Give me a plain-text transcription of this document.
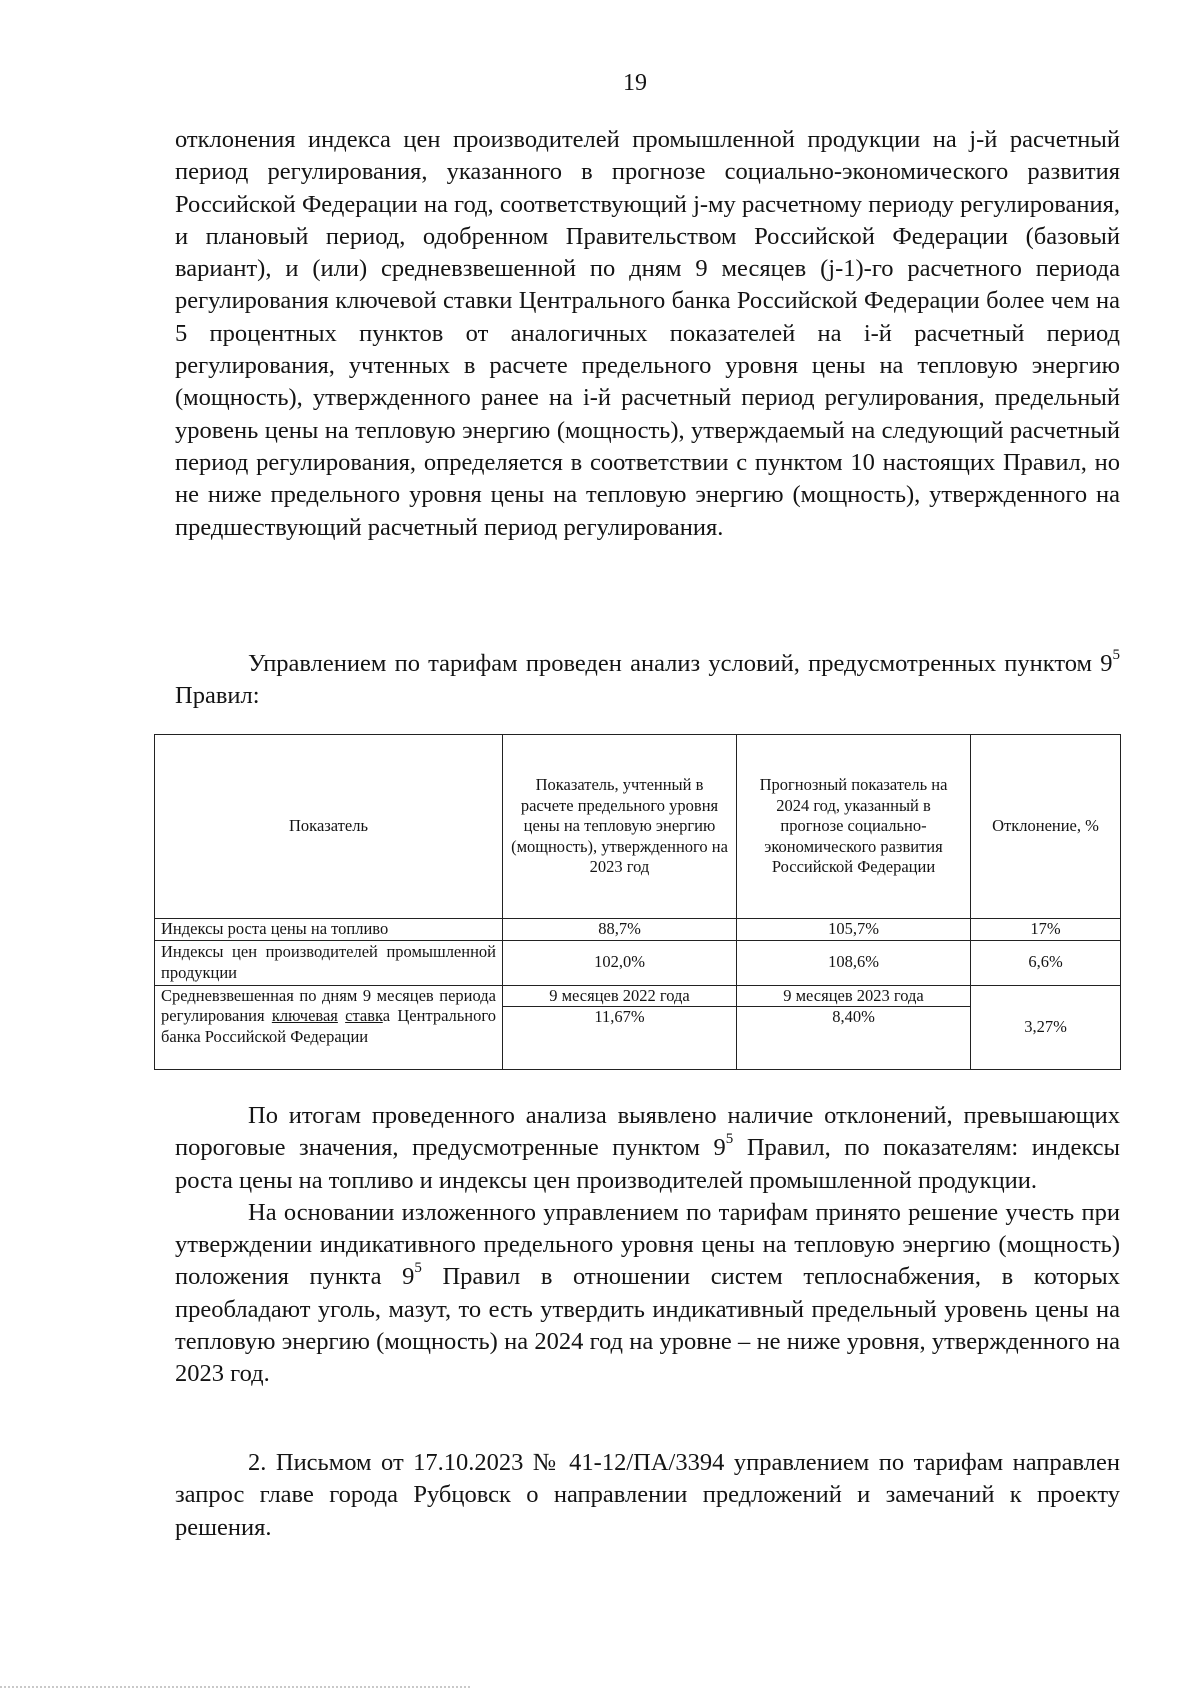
19

отклонения индекса цен производителей промышленной продукции на j-й расчетный период регулирования, указанного в прогнозе социально-экономического развития Российской Федерации на год, соответствующий j-му расчетному периоду регулирования, и плановый период, одобренном Правительством Российской Федерации (базовый вариант), и (или) средневзвешенной по дням 9 месяцев (j-1)-го расчетного периода регулирования ключевой ставки Центрального банка Российской Федерации более чем на 5 процентных пунктов от аналогичных показателей на i-й расчетный период регулирования, учтенных в расчете предельного уровня цены на тепловую энергию (мощность), утвержденного ранее на i-й расчетный период регулирования, предельный уровень цены на тепловую энергию (мощность), утверждаемый на следующий расчетный период регулирования, определяется в соответствии с пунктом 10 настоящих Правил, но не ниже предельного уровня цены на тепловую энергию (мощность), утвержденного на предшествующий расчетный период регулирования.

Управлением по тарифам проведен анализ условий, предусмотренных пунктом $9^5$ Правил:

Показатель	Показатель, учтенный в расчете предельного уровня цены на тепловую энергию (мощность), утвержденного на 2023 год	Прогнозный показатель на 2024 год, указанный в прогнозе социально-экономического развития Российской Федерации	Отклонение, %
Индексы роста цены на топливо	88,7%	105,7%	17%
Индексы цен производителей промышленной продукции	102,0%	108,6%	6,6%
Средневзвешенная по дням 9 месяцев периода регулирования ключевая ставка Центрального банка Российской Федерации	9 месяцев 2022 года	9 месяцев 2023 года	3,27%
	11,67%	8,40%	

По итогам проведенного анализа выявлено наличие отклонений, превышающих пороговые значения, предусмотренные пунктом $9^5$ Правил, по показателям: индексы роста цены на топливо и индексы цен производителей промышленной продукции.

На основании изложенного управлением по тарифам принято решение учесть при утверждении индикативного предельного уровня цены на тепловую энергию (мощность) положения пункта $9^5$ Правил в отношении систем теплоснабжения, в которых преобладают уголь, мазут, то есть утвердить индикативный предельный уровень цены на тепловую энергию (мощность) на 2024 год на уровне – не ниже уровня, утвержденного на 2023 год.

2. Письмом от 17.10.2023 № 41-12/ПА/3394 управлением по тарифам направлен запрос главе города Рубцовск о направлении предложений и замечаний к проекту решения.
